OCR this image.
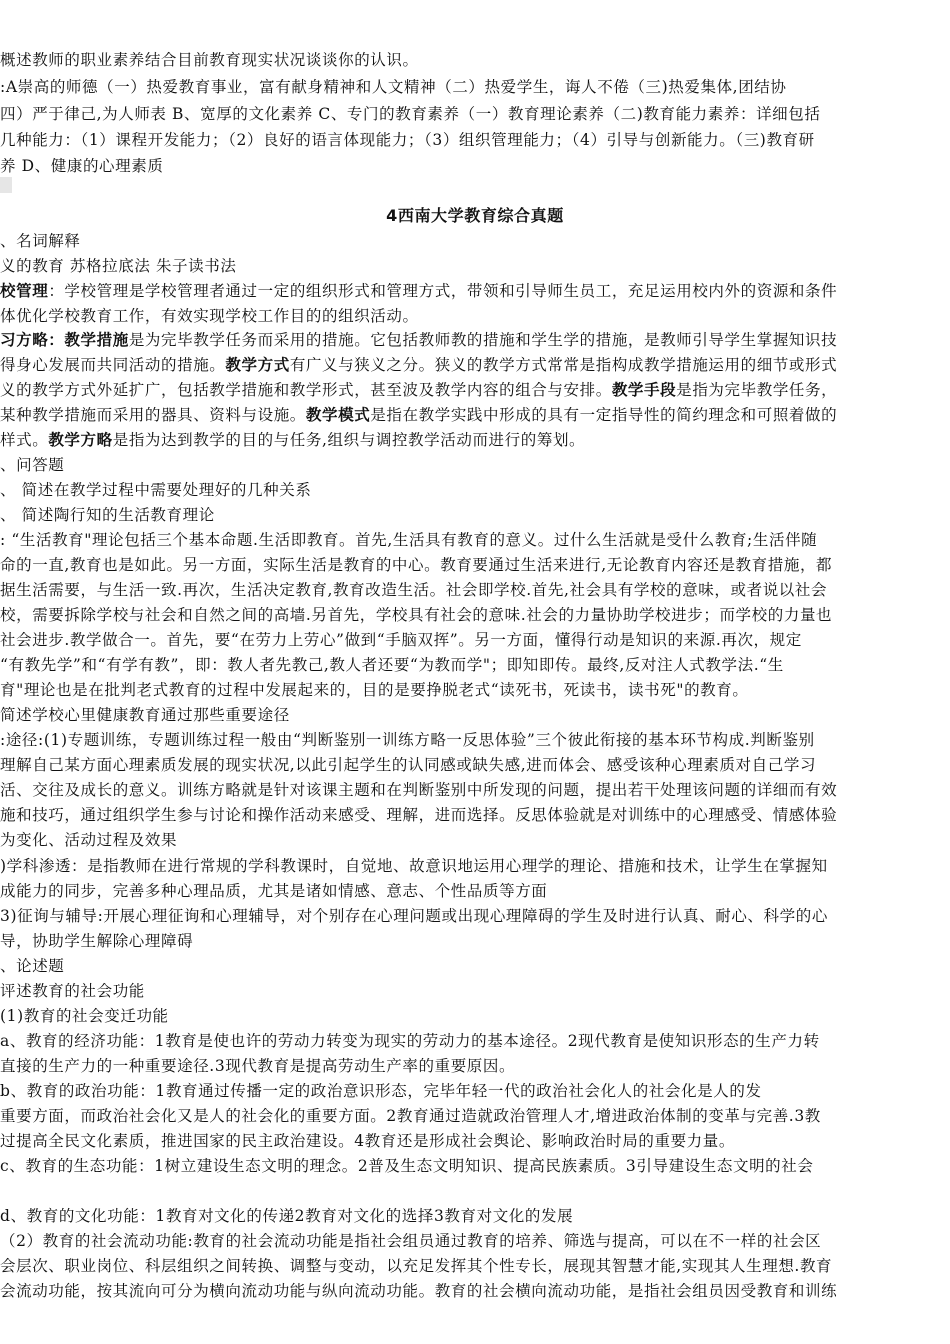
概述教师的职业素养结合目前教育现实状况谈谈你的认识。
:A崇高的师德（一）热爱教育事业，富有献身精神和人文精神（二）热爱学生，诲人不倦（三)热爱集体,团结协
四）严于律己,为人师表 B、宽厚的文化素养 C、专门的教育素养（一）教育理论素养（二)教育能力素养：详细包括
几种能力：（1）课程开发能力；（2）良好的语言体现能力；（3）组织管理能力；（4）引导与创新能力。（三)教育研
养 D、健康的心理素质
4西南大学教育综合真题
、名词解释
义的教育 苏格拉底法 朱子读书法
校管理：学校管理是学校管理者通过一定的组织形式和管理方式，带领和引导师生员工，充足运用校内外的资源和条件
体优化学校教育工作，有效实现学校工作目的的组织活动。
习方略：教学措施是为完毕教学任务而采用的措施。它包括教师教的措施和学生学的措施，是教师引导学生掌握知识技
得身心发展而共同活动的措施。教学方式有广义与狭义之分。狭义的教学方式常常是指构成教学措施运用的细节或形式
义的教学方式外延扩广，包括教学措施和教学形式，甚至波及教学内容的组合与安排。教学手段是指为完毕教学任务，
某种教学措施而采用的器具、资料与设施。教学模式是指在教学实践中形成的具有一定指导性的简约理念和可照着做的
样式。教学方略是指为达到教学的目的与任务,组织与调控教学活动而进行的筹划。
、问答题
、 简述在教学过程中需要处理好的几种关系
、 简述陶行知的生活教育理论
: “生活教育"理论包括三个基本命题.生活即教育。首先,生活具有教育的意义。过什么生活就是受什么教育;生活伴随
命的一直,教育也是如此。另一方面，实际生活是教育的中心。教育要通过生活来进行,无论教育内容还是教育措施，都
据生活需要，与生活一致.再次，生活决定教育,教育改造生活。社会即学校.首先,社会具有学校的意味，或者说以社会
校，需要拆除学校与社会和自然之间的高墙.另首先，学校具有社会的意味.社会的力量协助学校进步；而学校的力量也
社会进步.教学做合一。首先，要“在劳力上劳心”做到“手脑双挥”。另一方面，懂得行动是知识的来源.再次，规定
“有教先学”和“有学有教”，即：教人者先教己,教人者还要“为教而学"；即知即传。最终,反对注人式教学法.“生
育"理论也是在批判老式教育的过程中发展起来的，目的是要挣脱老式“读死书，死读书，读书死"的教育。
简述学校心里健康教育通过那些重要途径
:途径:(1)专题训练，专题训练过程一般由“判断鉴别一训练方略一反思体验”三个彼此衔接的基本环节构成.判断鉴别
理解自己某方面心理素质发展的现实状况,以此引起学生的认同感或缺失感,进而体会、感受该种心理素质对自己学习
活、交往及成长的意义。训练方略就是针对该课主题和在判断鉴别中所发现的问题，提出若干处理该问题的详细而有效
施和技巧，通过组织学生参与讨论和操作活动来感受、理解，进而选择。反思体验就是对训练中的心理感受、情感体验
为变化、活动过程及效果
)学科渗透：是指教师在进行常规的学科教课时，自觉地、故意识地运用心理学的理论、措施和技术，让学生在掌握知
成能力的同步，完善多种心理品质，尤其是诸如情感、意志、个性品质等方面
3)征询与辅导:开展心理征询和心理辅导，对个别存在心理问题或出现心理障碍的学生及时进行认真、耐心、科学的心
导，协助学生解除心理障碍
、论述题
评述教育的社会功能
(1)教育的社会变迁功能
a、教育的经济功能：1教育是使也许的劳动力转变为现实的劳动力的基本途径。2现代教育是使知识形态的生产力转
直接的生产力的一种重要途径.3现代教育是提高劳动生产率的重要原因。
b、教育的政治功能：1教育通过传播一定的政治意识形态，完毕年轻一代的政治社会化人的社会化是人的发
重要方面，而政治社会化又是人的社会化的重要方面。2教育通过造就政治管理人才,增进政治体制的变革与完善.3教
过提高全民文化素质，推进国家的民主政治建设。4教育还是形成社会舆论、影响政治时局的重要力量。
c、教育的生态功能：1树立建设生态文明的理念。2普及生态文明知识、提高民族素质。3引导建设生态文明的社会
d、教育的文化功能：1教育对文化的传递2教育对文化的选择3教育对文化的发展
（2）教育的社会流动功能:教育的社会流动功能是指社会组员通过教育的培养、筛选与提高，可以在不一样的社会区
会层次、职业岗位、科层组织之间转换、调整与变动，以充足发挥其个性专长，展现其智慧才能,实现其人生理想.教育
会流动功能，按其流向可分为横向流动功能与纵向流动功能。教育的社会横向流动功能，是指社会组员因受教育和训练
